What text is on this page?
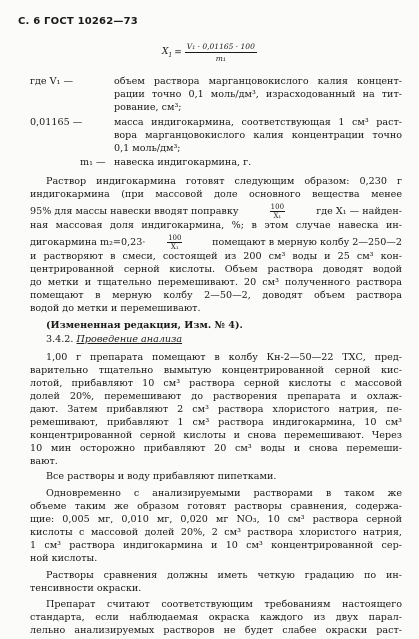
С. 6 ГОСТ 10262—73
$X_1 = \frac{\text{V₁ · 0,01165 · 100}}{\text{m₁}}$
где V₁ —	объем раствора марганцовокислого калия концент-
рации точно 0,1 моль/дм³, израсходованный на тит-
рование, см³;
0,01165 —	масса индигокармина, соответствующая 1 см³ раст-
вора марганцовокислого калия концентрации точно
0,1 моль/дм³;
m₁ — навеска индигокармина, г.
Раствор индигокармина готовят следующим образом: 0,230 г
индигокармина (при массовой доле основного вещества менее
95% для массы навески вводят поправку	$\frac{100}{\text{X₁}}$	где X₁ — найден-
ная массовая доля индигокармина, %; в этом случае навеска ин-
дигокармина m₂=0,23·	$\frac{100}{\text{X₁}}$	помещают в мерную колбу 2—250—2
и растворяют в смеси, состоящей из 200 см³ воды и 25 см³ кон-
центрированной серной кислоты. Объем раствора доводят водой
до метки и тщательно перемешивают. 20 см³ полученного раствора
помещают в мерную колбу 2—50—2, доводят объем раствора
водой до метки и перемешивают.
(Измененная редакция, Изм. № 4).
3.4.2. Проведение анализа
1,00 г препарата помещают в колбу Кн-2—50—22 ТХС, пред-
варительно тщательно вымытую концентрированной серной кис-
лотой, прибавляют 10 см³ раствора серной кислоты с массовой
долей 20%, перемешивают до растворения препарата и охлаж-
дают. Затем прибавляют 2 см³ раствора хлористого натрия, пе-
ремешивают, прибавляют 1 см³ раствора индигокармина, 10 см³
концентрированной серной кислоты и снова перемешивают. Через
10 мин осторожно прибавляют 20 см³ воды и снова перемеши-
вают.
Все растворы и воду прибавляют пипетками.
Одновременно с анализируемыми растворами в таком же
объеме таким же образом готовят растворы сравнения, содержа-
щие: 0,005 мг, 0,010 мг, 0,020 мг NO₃, 10 см³ раствора серной
кислоты с массовой долей 20%, 2 см³ раствора хлористого натрия,
1 см³ раствора индигокармина и 10 см³ концентрированной сер-
ной кислоты.
Растворы сравнения должны иметь четкую градацию по ин-
тенсивности окраски.
Препарат считают соответствующим требованиям настоящего
стандарта, если наблюдаемая окраска каждого из двух парал-
лельно анализируемых растворов не будет слабее окраски раст-
